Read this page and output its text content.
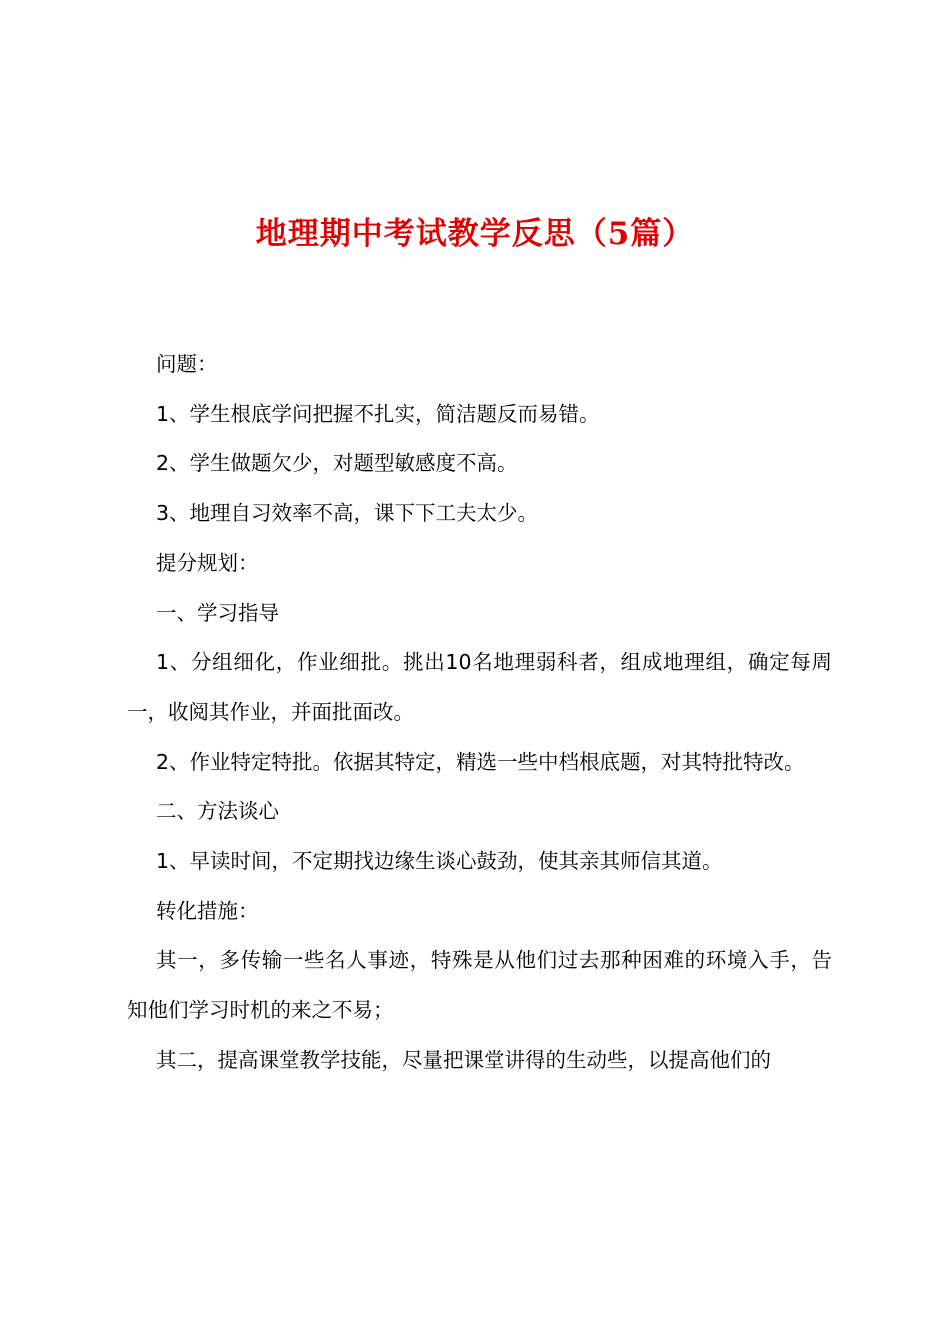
地理期中考试教学反思（5篇）

问题：

1、学生根底学问把握不扎实，简洁题反而易错。

2、学生做题欠少，对题型敏感度不高。

3、地理自习效率不高，课下下工夫太少。

提分规划：

一、学习指导

1、分组细化，作业细批。挑出10名地理弱科者，组成地理组，确定每周一，收阅其作业，并面批面改。

2、作业特定特批。依据其特定，精选一些中档根底题，对其特批特改。

二、方法谈心

1、早读时间，不定期找边缘生谈心鼓劲，使其亲其师信其道。

转化措施：

其一，多传输一些名人事迹，特殊是从他们过去那种困难的环境入手，告知他们学习时机的来之不易；

其二，提高课堂教学技能，尽量把课堂讲得的生动些，以提高他们的
